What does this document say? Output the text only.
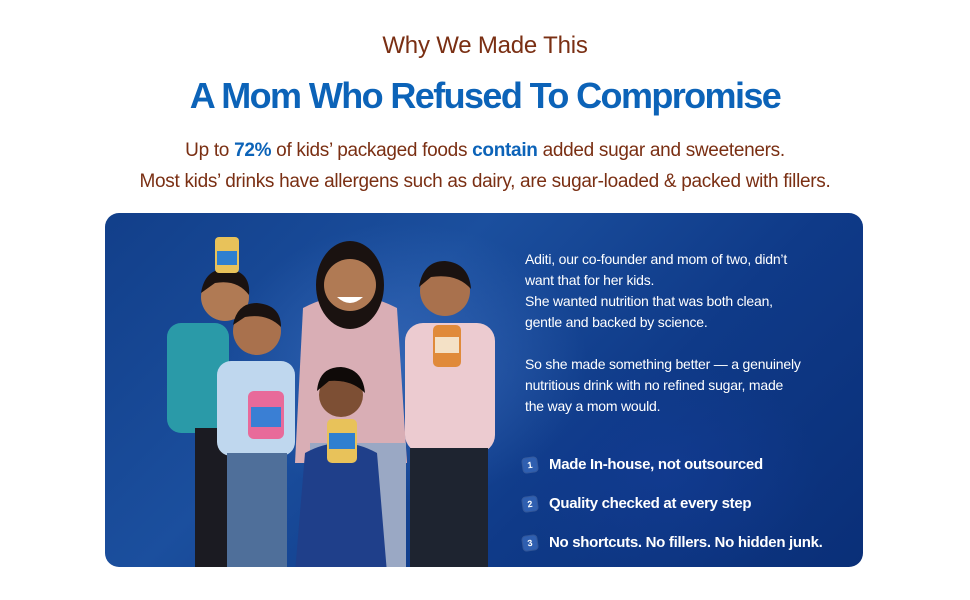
Why We Made This
A Mom Who Refused To Compromise
Up to 72% of kids’ packaged foods contain added sugar and sweeteners.
Most kids’ drinks have allergens such as dairy, are sugar-loaded & packed with fillers.

Aditi, our co-founder and mom of two, didn’t

want that for her kids.

She wanted nutrition that was both clean,

gentle and backed by science.

So she made something better — a genuinely

nutritious drink with no refined sugar, made

the way a mom would.

1	Made In-house, not outsourced
2	Quality checked at every step
3	No shortcuts. No fillers. No hidden junk.
